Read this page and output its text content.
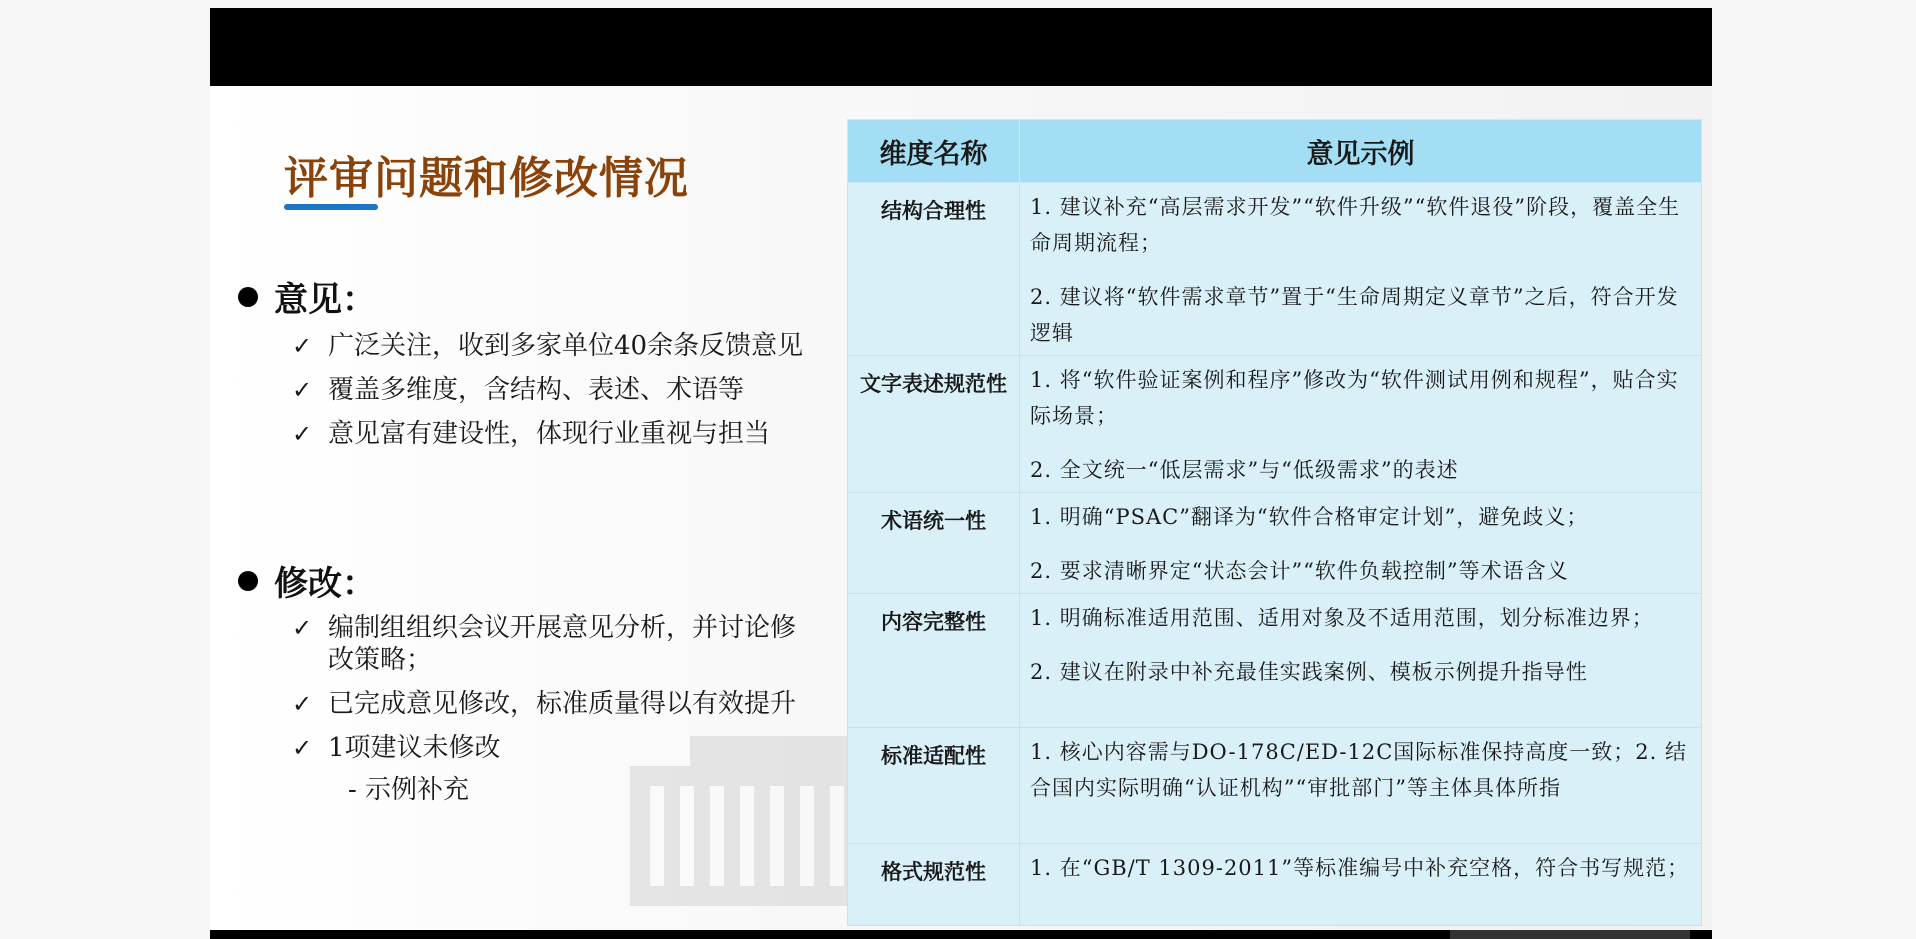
评审问题和修改情况
意见：
✓ 广泛关注，收到多家单位40余条反馈意见
✓ 覆盖多维度，含结构、表述、术语等
✓ 意见富有建设性，体现行业重视与担当
修改：
✓ 编制组组织会议开展意见分析，并讨论修改策略；
✓ 已完成意见修改，标准质量得以有效提升
✓ 1项建议未修改
- 示例补充
维度名称	意见示例
结构合理性	1. 建议补充“高层需求开发”“软件升级”“软件退役”阶段，覆盖全生命周期流程；
2. 建议将“软件需求章节”置于“生命周期定义章节”之后，符合开发逻辑

文字表述规范性	1. 将“软件验证案例和程序”修改为“软件测试用例和规程”，贴合实际场景；
2. 全文统一“低层需求”与“低级需求”的表述

术语统一性	1. 明确“PSAC”翻译为“软件合格审定计划”，避免歧义；
2. 要求清晰界定“状态会计”“软件负载控制”等术语含义

内容完整性	1. 明确标准适用范围、适用对象及不适用范围，划分标准边界；
2. 建议在附录中补充最佳实践案例、模板示例提升指导性

标准适配性	1. 核心内容需与DO-178C/ED-12C国际标准保持高度一致；2. 结合国内实际明确“认证机构”“审批部门”等主体具体所指

格式规范性	1. 在“GB/T 1309-2011”等标准编号中补充空格，符合书写规范；
